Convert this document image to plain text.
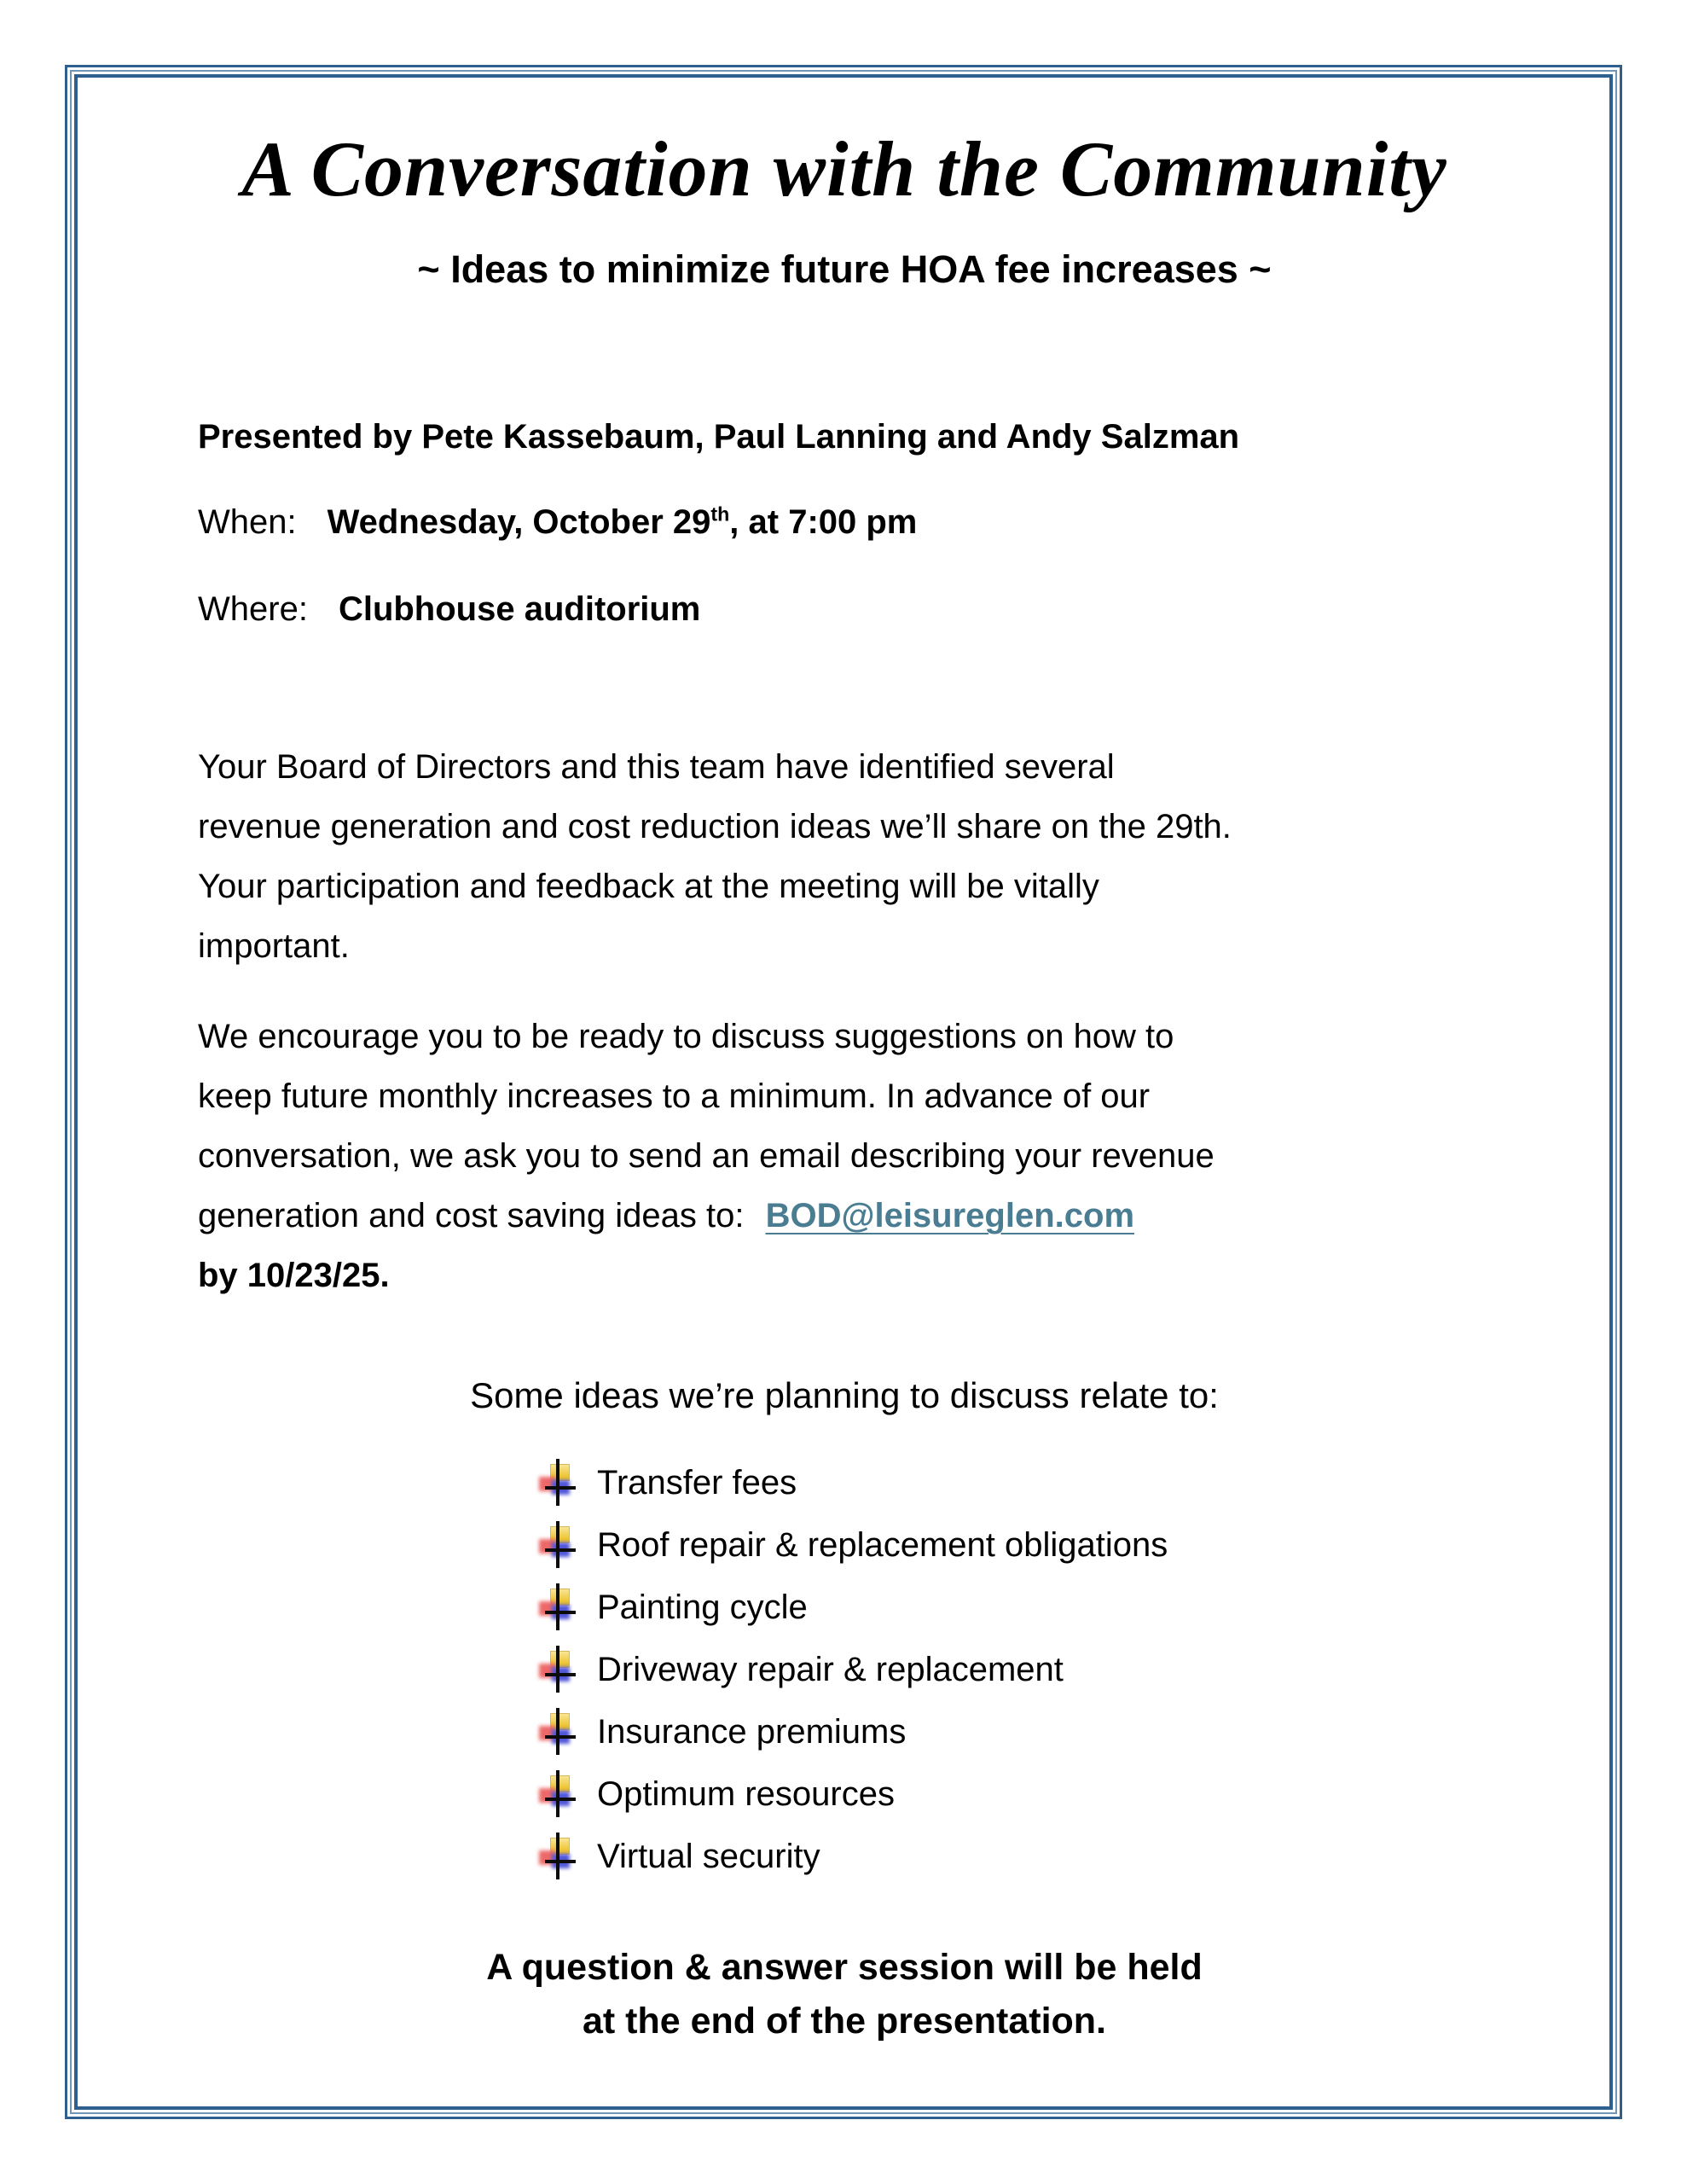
A Conversation with the Community
~ Ideas to minimize future HOA fee increases ~
Presented by Pete Kassebaum, Paul Lanning and Andy Salzman
When: Wednesday, October 29th, at 7:00 pm
Where: Clubhouse auditorium
Your Board of Directors and this team have identified several
revenue generation and cost reduction ideas we’ll share on the 29th.
Your participation and feedback at the meeting will be vitally
important.
We encourage you to be ready to discuss suggestions on how to
keep future monthly increases to a minimum. In advance of our
conversation, we ask you to send an email describing your revenue
generation and cost saving ideas to: BOD@leisureglen.com
by 10/23/25.
Some ideas we’re planning to discuss relate to:
Transfer fees
Roof repair & replacement obligations
Painting cycle
Driveway repair & replacement
Insurance premiums
Optimum resources
Virtual security
A question & answer session will be held
at the end of the presentation.
